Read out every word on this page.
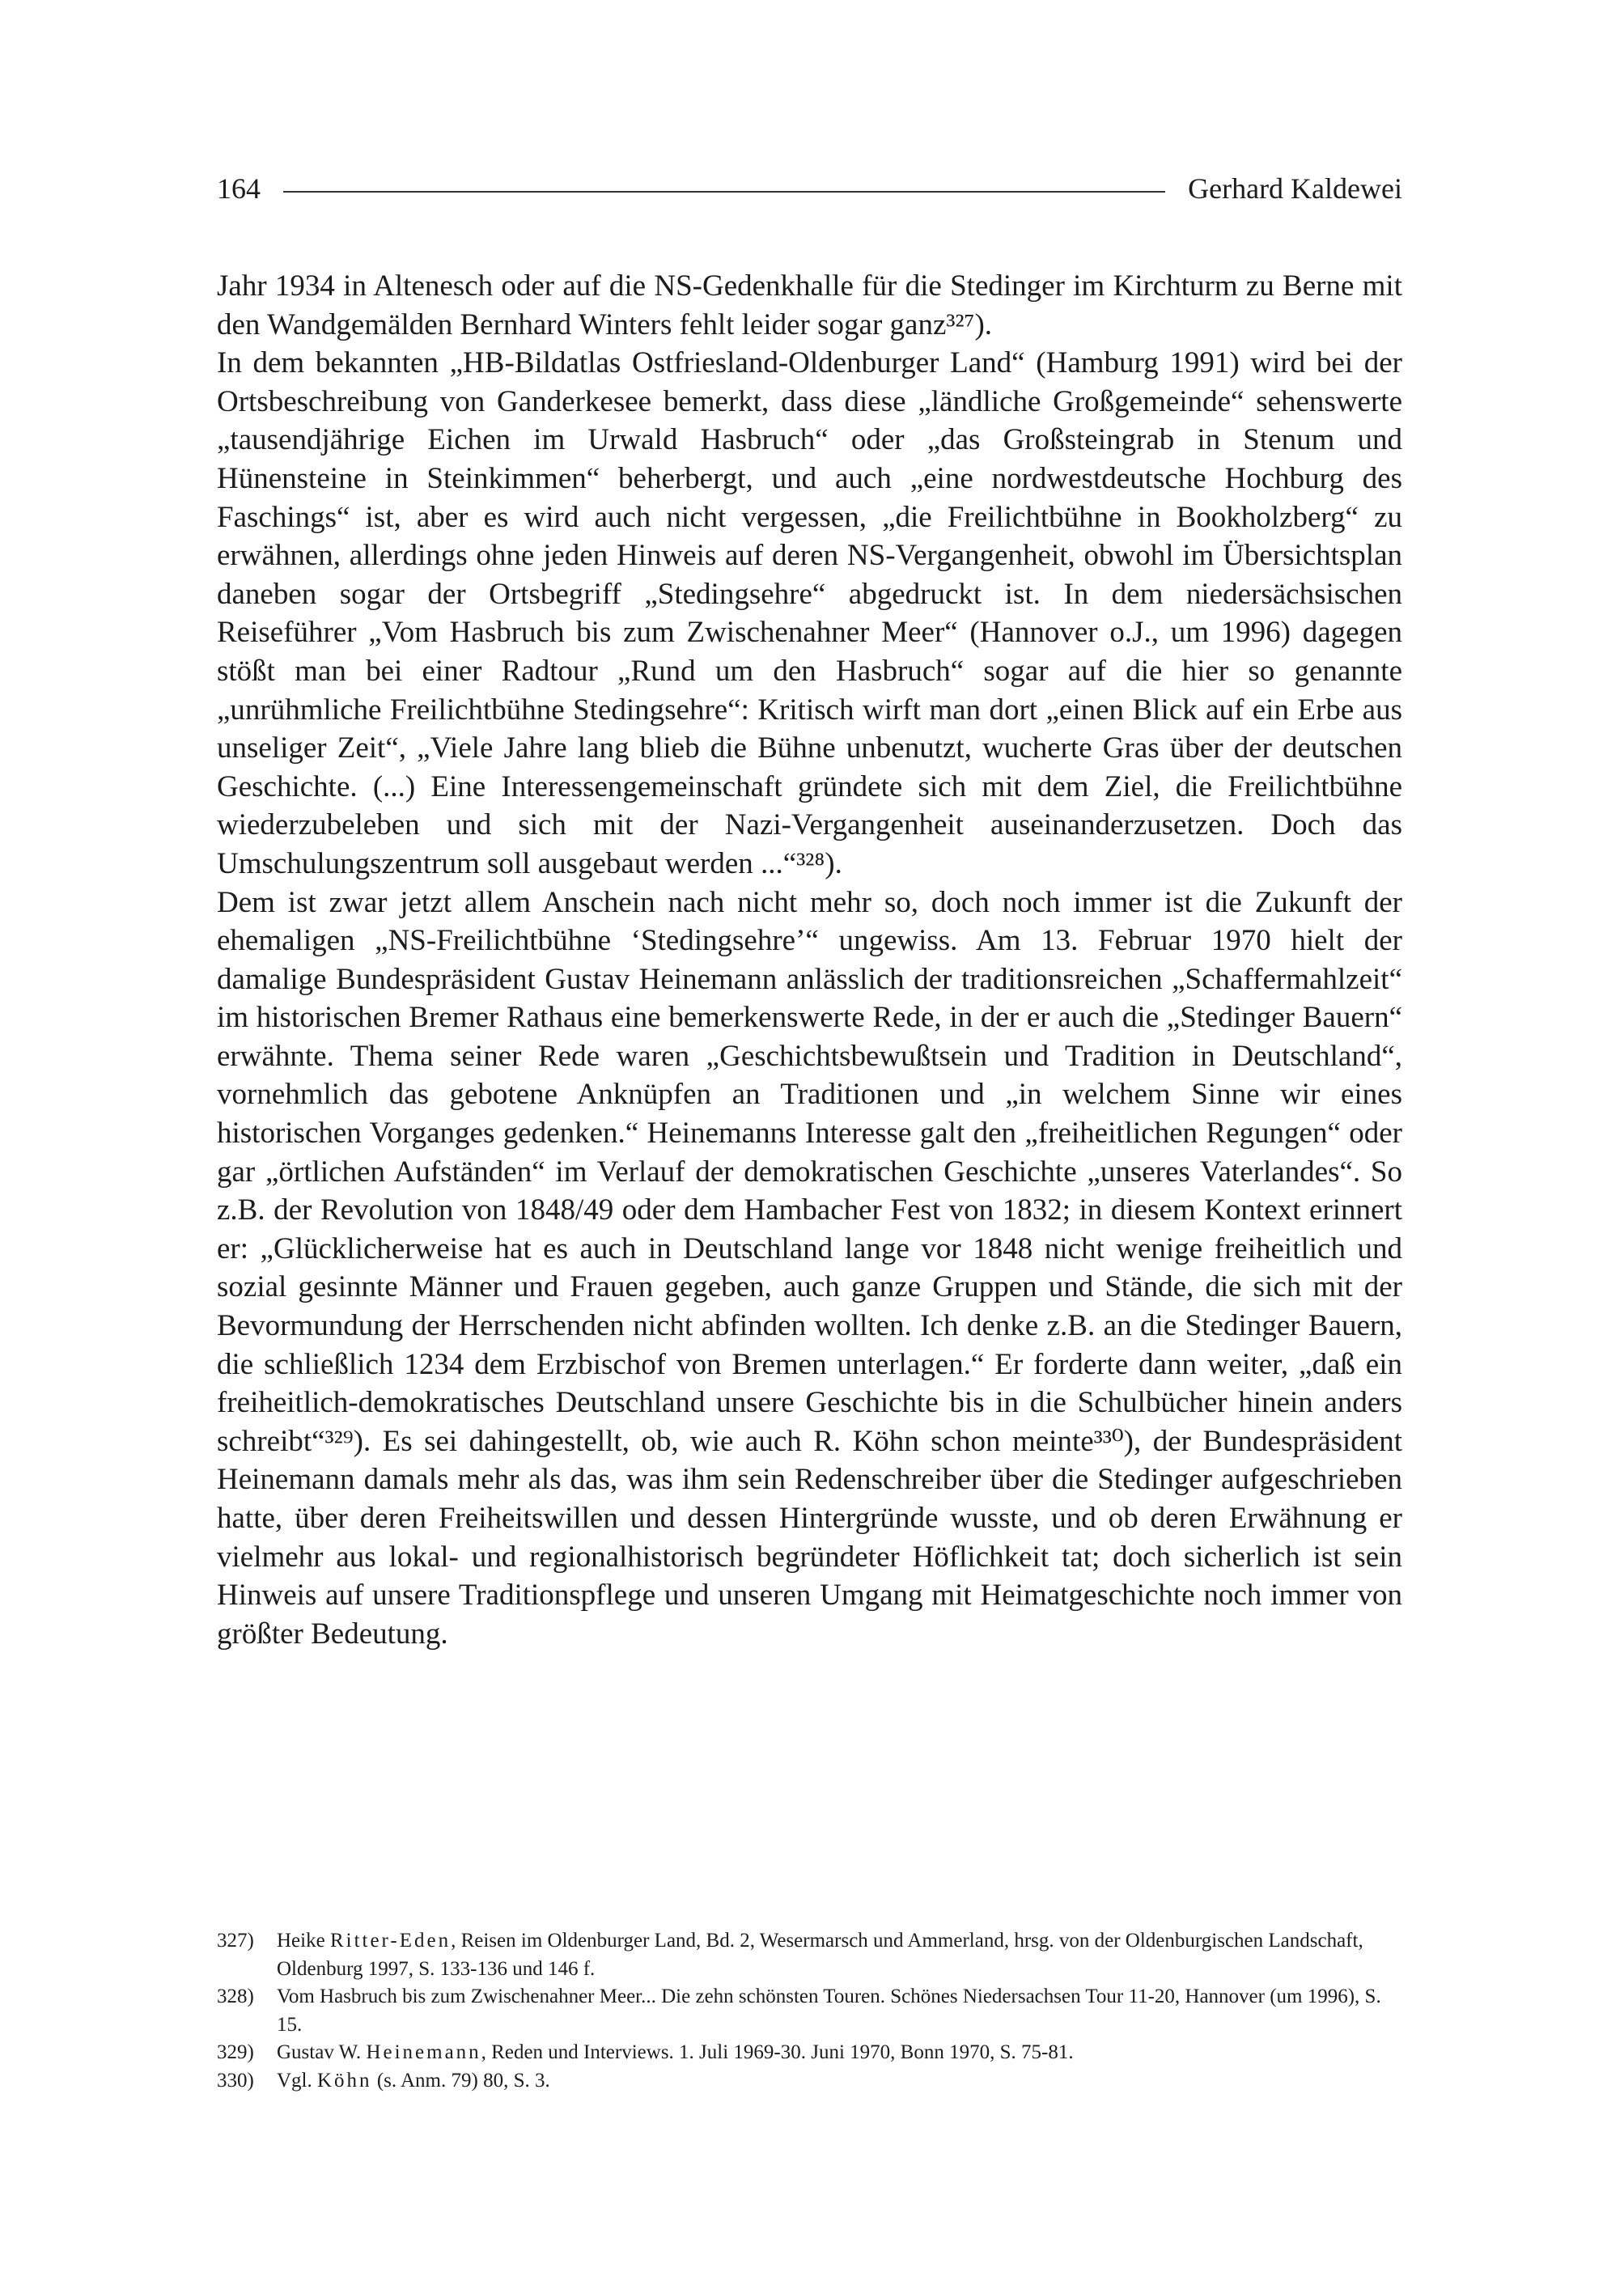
164	Gerhard Kaldewei

Jahr 1934 in Altenesch oder auf die NS-Gedenkhalle für die Stedinger im Kirchturm zu Berne mit den Wandgemälden Bernhard Winters fehlt leider sogar ganz³²⁷).

In dem bekannten „HB-Bildatlas Ostfriesland-Oldenburger Land“ (Hamburg 1991) wird bei der Ortsbeschreibung von Ganderkesee bemerkt, dass diese „ländliche Großgemeinde“ sehenswerte „tausendjährige Eichen im Urwald Hasbruch“ oder „das Großsteingrab in Stenum und Hünensteine in Steinkimmen“ beherbergt, und auch „eine nordwestdeutsche Hochburg des Faschings“ ist, aber es wird auch nicht vergessen, „die Freilichtbühne in Bookholzberg“ zu erwähnen, allerdings ohne jeden Hinweis auf deren NS-Vergangenheit, obwohl im Übersichtsplan daneben sogar der Ortsbegriff „Stedingsehre“ abgedruckt ist. In dem niedersächsischen Reiseführer „Vom Hasbruch bis zum Zwischenahner Meer“ (Hannover o.J., um 1996) dagegen stößt man bei einer Radtour „Rund um den Hasbruch“ sogar auf die hier so genannte „unrühmliche Freilichtbühne Stedingsehre“: Kritisch wirft man dort „einen Blick auf ein Erbe aus unseliger Zeit“, „Viele Jahre lang blieb die Bühne unbenutzt, wucherte Gras über der deutschen Geschichte. (...) Eine Interessengemeinschaft gründete sich mit dem Ziel, die Freilichtbühne wiederzubeleben und sich mit der Nazi-Vergangenheit auseinanderzusetzen. Doch das Umschulungszentrum soll ausgebaut werden ...“³²⁸).

Dem ist zwar jetzt allem Anschein nach nicht mehr so, doch noch immer ist die Zukunft der ehemaligen „NS-Freilichtbühne ‘Stedingsehre’“ ungewiss. Am 13. Februar 1970 hielt der damalige Bundespräsident Gustav Heinemann anlässlich der traditionsreichen „Schaffermahlzeit“ im historischen Bremer Rathaus eine bemerkenswerte Rede, in der er auch die „Stedinger Bauern“ erwähnte. Thema seiner Rede waren „Geschichtsbewußtsein und Tradition in Deutschland“, vornehmlich das gebotene Anknüpfen an Traditionen und „in welchem Sinne wir eines historischen Vorganges gedenken.“ Heinemanns Interesse galt den „freiheitlichen Regungen“ oder gar „örtlichen Aufständen“ im Verlauf der demokratischen Geschichte „unseres Vaterlandes“. So z.B. der Revolution von 1848/49 oder dem Hambacher Fest von 1832; in diesem Kontext erinnert er: „Glücklicherweise hat es auch in Deutschland lange vor 1848 nicht wenige freiheitlich und sozial gesinnte Männer und Frauen gegeben, auch ganze Gruppen und Stände, die sich mit der Bevormundung der Herrschenden nicht abfinden wollten. Ich denke z.B. an die Stedinger Bauern, die schließlich 1234 dem Erzbischof von Bremen unterlagen.“ Er forderte dann weiter, „daß ein freiheitlich-demokratisches Deutschland unsere Geschichte bis in die Schulbücher hinein anders schreibt“³²⁹). Es sei dahingestellt, ob, wie auch R. Köhn schon meinte³³⁰), der Bundespräsident Heinemann damals mehr als das, was ihm sein Redenschreiber über die Stedinger aufgeschrieben hatte, über deren Freiheitswillen und dessen Hintergründe wusste, und ob deren Erwähnung er vielmehr aus lokal- und regionalhistorisch begründeter Höflichkeit tat; doch sicherlich ist sein Hinweis auf unsere Traditionspflege und unseren Umgang mit Heimatgeschichte noch immer von größter Bedeutung.

327)	Heike Ritter-Eden, Reisen im Oldenburger Land, Bd. 2, Wesermarsch und Ammerland, hrsg. von der Oldenburgischen Landschaft, Oldenburg 1997, S. 133-136 und 146 f.
328)	Vom Hasbruch bis zum Zwischenahner Meer... Die zehn schönsten Touren. Schönes Niedersachsen Tour 11-20, Hannover (um 1996), S. 15.
329)	Gustav W. Heinemann, Reden und Interviews. 1. Juli 1969-30. Juni 1970, Bonn 1970, S. 75-81.
330)	Vgl. Köhn (s. Anm. 79) 80, S. 3.
